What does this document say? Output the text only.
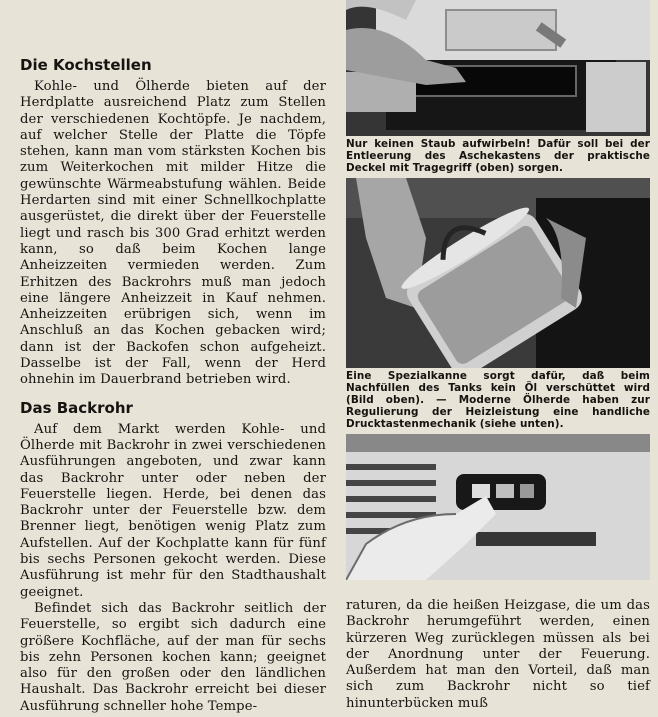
Die Kochstellen

Kohle- und Ölherde bieten auf der Herdplatte ausreichend Platz zum Stellen der verschiedenen Kochtöpfe. Je nachdem, auf welcher Stelle der Platte die Töpfe stehen, kann man vom stärksten Kochen bis zum Weiterkochen mit milder Hitze die gewünschte Wärmeabstufung wählen. Beide Herdarten sind mit einer Schnellkochplatte ausgerüstet, die direkt über der Feuerstelle liegt und rasch bis 300 Grad erhitzt werden kann, so daß beim Kochen lange Anheizzeiten vermieden werden. Zum Erhitzen des Backrohrs muß man jedoch eine längere Anheizzeit in Kauf nehmen. Anheizzeiten erübrigen sich, wenn im Anschluß an das Kochen gebacken wird; dann ist der Backofen schon aufgeheizt. Dasselbe ist der Fall, wenn der Herd ohnehin im Dauerbrand betrieben wird.

Das Backrohr

Auf dem Markt werden Kohle- und Ölherde mit Backrohr in zwei verschiedenen Ausführungen angeboten, und zwar kann das Backrohr unter oder neben der Feuerstelle liegen. Herde, bei denen das Backrohr unter der Feuerstelle bzw. dem Brenner liegt, benötigen wenig Platz zum Aufstellen. Auf der Kochplatte kann für fünf bis sechs Personen gekocht werden. Diese Ausführung ist mehr für den Stadthaushalt geeignet.

Befindet sich das Backrohr seitlich der Feuerstelle, so ergibt sich dadurch eine größere Kochfläche, auf der man für sechs bis zehn Personen kochen kann; geeignet also für den großen oder den ländlichen Haushalt. Das Backrohr erreicht bei dieser Ausführung schneller hohe Tempe-

Nur keinen Staub aufwirbeln! Dafür soll bei der Entleerung des Aschekastens der praktische Deckel mit Tragegriff (oben) sorgen.

Eine Spezialkanne sorgt dafür, daß beim Nachfüllen des Tanks kein Öl verschüttet wird (Bild oben). — Moderne Ölherde haben zur Regulierung der Heizleistung eine handliche Drucktastenmechanik (siehe unten).

raturen, da die heißen Heizgase, die um das Backrohr herumgeführt werden, einen kürzeren Weg zurücklegen müssen als bei der Anordnung unter der Feuerung. Außerdem hat man den Vorteil, daß man sich zum Backrohr nicht so tief hinunterbücken muß
